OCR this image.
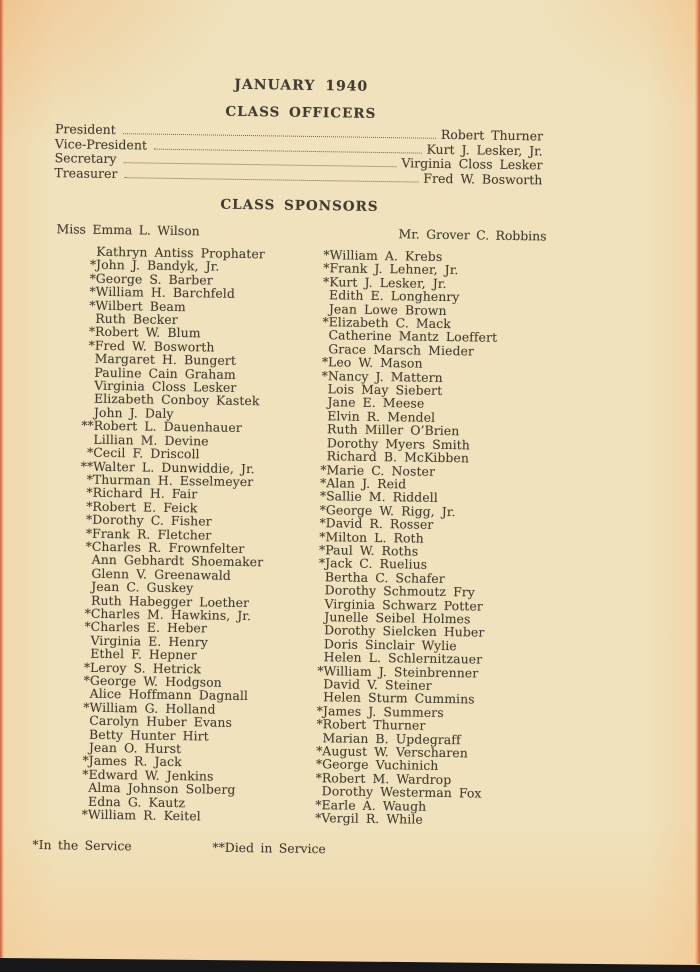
JANUARY 1940
CLASS OFFICERS
President	Robert Thurner
Vice-President	Kurt J. Lesker, Jr.
Secretary	Virginia Closs Lesker
Treasurer	Fred W. Bosworth
CLASS SPONSORS
Miss Emma L. Wilson	Mr. Grover C. Robbins
Kathryn Antiss Prophater
* John J. Bandyk, Jr.
* George S. Barber
* William H. Barchfeld
* Wilbert Beam
Ruth Becker
* Robert W. Blum
* Fred W. Bosworth
Margaret H. Bungert
Pauline Cain Graham
Virginia Closs Lesker
Elizabeth Conboy Kastek
John J. Daly
** Robert L. Dauenhauer
Lillian M. Devine
* Cecil F. Driscoll
** Walter L. Dunwiddie, Jr.
* Thurman H. Esselmeyer
* Richard H. Fair
* Robert E. Feick
* Dorothy C. Fisher
* Frank R. Fletcher
* Charles R. Frownfelter
Ann Gebhardt Shoemaker
Glenn V. Greenawald
Jean C. Guskey
Ruth Habegger Loether
* Charles M. Hawkins, Jr.
* Charles E. Heber
Virginia E. Henry
Ethel F. Hepner
* Leroy S. Hetrick
* George W. Hodgson
Alice Hoffmann Dagnall
* William G. Holland
Carolyn Huber Evans
Betty Hunter Hirt
Jean O. Hurst
* James R. Jack
* Edward W. Jenkins
Alma Johnson Solberg
Edna G. Kautz
* William R. Keitel
* William A. Krebs
* Frank J. Lehner, Jr.
* Kurt J. Lesker, Jr.
Edith E. Longhenry
Jean Lowe Brown
* Elizabeth C. Mack
Catherine Mantz Loeffert
Grace Marsch Mieder
* Leo W. Mason
* Nancy J. Mattern
Lois May Siebert
Jane E. Meese
Elvin R. Mendel
Ruth Miller O’Brien
Dorothy Myers Smith
Richard B. McKibben
* Marie C. Noster
* Alan J. Reid
* Sallie M. Riddell
* George W. Rigg, Jr.
* David R. Rosser
* Milton L. Roth
* Paul W. Roths
* Jack C. Ruelius
Bertha C. Schafer
Dorothy Schmoutz Fry
Virginia Schwarz Potter
Junelle Seibel Holmes
Dorothy Sielcken Huber
Doris Sinclair Wylie
Helen L. Schlernitzauer
* William J. Steinbrenner
David V. Steiner
Helen Sturm Cummins
* James J. Summers
* Robert Thurner
Marian B. Updegraff
* August W. Verscharen
* George Vuchinich
* Robert M. Wardrop
Dorothy Westerman Fox
* Earle A. Waugh
* Vergil R. While
*In the Service	**Died in Service
